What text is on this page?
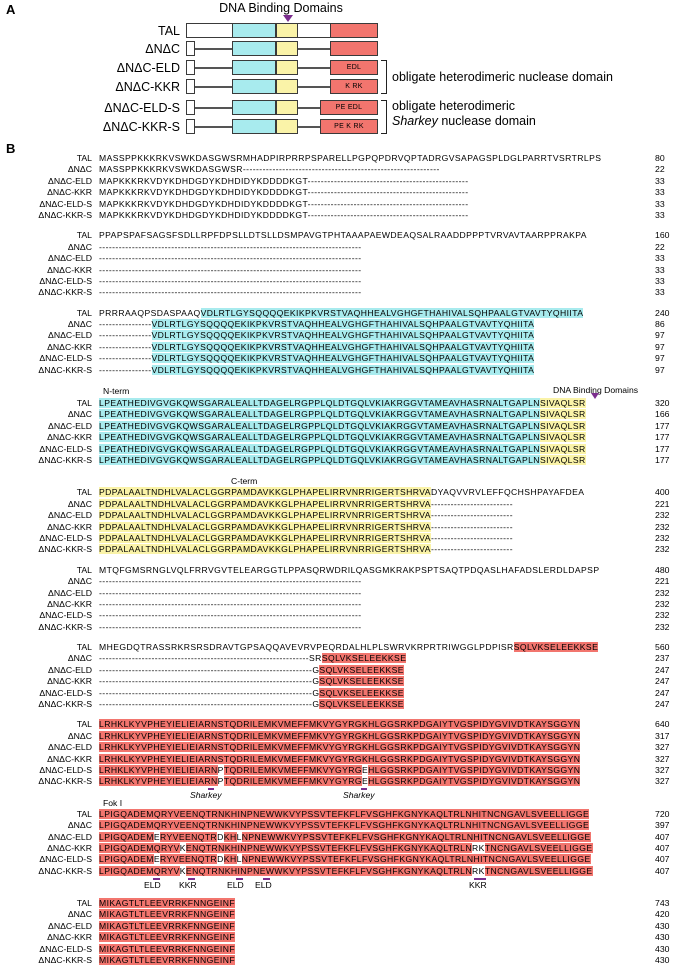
A	DNA Binding Domains
TAL
ΔNΔC
ΔNΔC-ELD	EDL
ΔNΔC-KKR	K RK
ΔNΔC-ELD-S	PE EDL
ΔNΔC-KKR-S	PE K RK
obligate heterodimeric nuclease domain
obligate heterodimeric
Sharkey nuclease domain
B
TAL MASSPPKKKRKVSWKDASGWSRMHADPIRPRRPSPARELLPGPQPDRVQPTADRGVSAPAGSPLDGLPARRTVSRTRLPS	80
ΔNΔC MASSPPKKKRKVSWKDASGWSR------------------------------------------------------------	22
ΔNΔC-ELD MAPKKKRKVDYKDHDGDYKDHDIDYKDDDDKGT-------------------------------------------------	33
ΔNΔC-KKR MAPKKKRKVDYKDHDGDYKDHDIDYKDDDDKGT-------------------------------------------------	33
ΔNΔC-ELD-S MAPKKKRKVDYKDHDGDYKDHDIDYKDDDDKGT-------------------------------------------------	33
ΔNΔC-KKR-S MAPKKKRKVDYKDHDGDYKDHDIDYKDDDDKGT-------------------------------------------------	33
TAL PPAPSPAFSAGSFSDLLRPFDPSLLDTSLLDSMPAVGTPHTAAAPAEWDEAQSALRAADDPPPTVRVAVTAARPPRAKPA	160
ΔNΔC --------------------------------------------------------------------------------	22
ΔNΔC-ELD --------------------------------------------------------------------------------	33
ΔNΔC-KKR --------------------------------------------------------------------------------	33
ΔNΔC-ELD-S --------------------------------------------------------------------------------	33
ΔNΔC-KKR-S --------------------------------------------------------------------------------	33
TAL PRRRAAQPSDASPAAQVDLRTLGYSQQQQEKIKPKVRSTVAQHHEALVGHGFTHAHIVALSQHPAALGTVAVTYQHIITA	240
ΔNΔC ----------------VDLRTLGYSQQQQEKIKPKVRSTVAQHHEALVGHGFTHAHIVALSQHPAALGTVAVTYQHIITA	86
ΔNΔC-ELD ----------------VDLRTLGYSQQQQEKIKPKVRSTVAQHHEALVGHGFTHAHIVALSQHPAALGTVAVTYQHIITA	97
ΔNΔC-KKR ----------------VDLRTLGYSQQQQEKIKPKVRSTVAQHHEALVGHGFTHAHIVALSQHPAALGTVAVTYQHIITA	97
ΔNΔC-ELD-S ----------------VDLRTLGYSQQQQEKIKPKVRSTVAQHHEALVGHGFTHAHIVALSQHPAALGTVAVTYQHIITA	97
ΔNΔC-KKR-S ----------------VDLRTLGYSQQQQEKIKPKVRSTVAQHHEALVGHGFTHAHIVALSQHPAALGTVAVTYQHIITA	97
TAL LPEATHEDIVGVGKQWSGARALEALLTDAGELRGPPLQLDTGQLVKIAKRGGVTAMEAVHASRNALTGAPLNSIVAQLSR	320
ΔNΔC LPEATHEDIVGVGKQWSGARALEALLTDAGELRGPPLQLDTGQLVKIAKRGGVTAMEAVHASRNALTGAPLNSIVAQLSR	166
ΔNΔC-ELD LPEATHEDIVGVGKQWSGARALEALLTDAGELRGPPLQLDTGQLVKIAKRGGVTAMEAVHASRNALTGAPLNSIVAQLSR	177
ΔNΔC-KKR LPEATHEDIVGVGKQWSGARALEALLTDAGELRGPPLQLDTGQLVKIAKRGGVTAMEAVHASRNALTGAPLNSIVAQLSR	177
ΔNΔC-ELD-S LPEATHEDIVGVGKQWSGARALEALLTDAGELRGPPLQLDTGQLVKIAKRGGVTAMEAVHASRNALTGAPLNSIVAQLSR	177
ΔNΔC-KKR-S LPEATHEDIVGVGKQWSGARALEALLTDAGELRGPPLQLDTGQLVKIAKRGGVTAMEAVHASRNALTGAPLNSIVAQLSR	177
N-term	DNA Binding Domains
TAL PDPALAALTNDHLVALACLGGRPAMDAVKKGLPHAPELIRRVNRRIGERTSHRVADYAQVVRVLEFFQCHSHPAYAFDEA	400
ΔNΔC PDPALAALTNDHLVALACLGGRPAMDAVKKGLPHAPELIRRVNRRIGERTSHRVA-------------------------	221
ΔNΔC-ELD PDPALAALTNDHLVALACLGGRPAMDAVKKGLPHAPELIRRVNRRIGERTSHRVA-------------------------	232
ΔNΔC-KKR PDPALAALTNDHLVALACLGGRPAMDAVKKGLPHAPELIRRVNRRIGERTSHRVA-------------------------	232
ΔNΔC-ELD-S PDPALAALTNDHLVALACLGGRPAMDAVKKGLPHAPELIRRVNRRIGERTSHRVA-------------------------	232
ΔNΔC-KKR-S PDPALAALTNDHLVALACLGGRPAMDAVKKGLPHAPELIRRVNRRIGERTSHRVA-------------------------	232
C-term
TAL MTQFGMSRNGLVQLFRRVGVTELEARGGTLPPASQRWDRILQASGMKRAKPSPTSAQTPDQASLHAFADSLERDLDAPSP	480
ΔNΔC --------------------------------------------------------------------------------	221
ΔNΔC-ELD --------------------------------------------------------------------------------	232
ΔNΔC-KKR --------------------------------------------------------------------------------	232
ΔNΔC-ELD-S --------------------------------------------------------------------------------	232
ΔNΔC-KKR-S --------------------------------------------------------------------------------	232
TAL MHEGDQTRASSRKRSRSDRAVTGPSAQQAVEVRVPEQRDALHLPLSWRVKRPRTRIWGGLPDPISRSQLVKSELEEKKSE	560
ΔNΔC ----------------------------------------------------------------SRSQLVKSELEEKKSE	237
ΔNΔC-ELD -----------------------------------------------------------------GSQLVKSELEEKKSE	247
ΔNΔC-KKR -----------------------------------------------------------------GSQLVKSELEEKKSE	247
ΔNΔC-ELD-S -----------------------------------------------------------------GSQLVKSELEEKKSE	247
ΔNΔC-KKR-S -----------------------------------------------------------------GSQLVKSELEEKKSE	247
TAL LRHKLKYVPHEYIELIEIARNSTQDRILEMKVMEFFMKVYGYRGKHLGGSRKPDGAIYTVGSPIDYGVIVDTKAYSGGYN	640
ΔNΔC LRHKLKYVPHEYIELIEIARNSTQDRILEMKVMEFFMKVYGYRGKHLGGSRKPDGAIYTVGSPIDYGVIVDTKAYSGGYN	317
ΔNΔC-ELD LRHKLKYVPHEYIELIEIARNSTQDRILEMKVMEFFMKVYGYRGKHLGGSRKPDGAIYTVGSPIDYGVIVDTKAYSGGYN	327
ΔNΔC-KKR LRHKLKYVPHEYIELIEIARNSTQDRILEMKVMEFFMKVYGYRGKHLGGSRKPDGAIYTVGSPIDYGVIVDTKAYSGGYN	327
ΔNΔC-ELD-S LRHKLKYVPHEYIELIEIARNPTQDRILEMKVMEFFMKVYGYRGEHLGGSRKPDGAIYTVGSPIDYGVIVDTKAYSGGYN	327
ΔNΔC-KKR-S LRHKLKYVPHEYIELIEIARNPTQDRILEMKVMEFFMKVYGYRGEHLGGSRKPDGAIYTVGSPIDYGVIVDTKAYSGGYN	327
Sharkey	Sharkey
TAL LPIGQADEMQRYVEENQTRNKHINPNEWWKVYPSSVTEFKFLFVSGHFKGNYKAQLTRLNHITNCNGAVLSVEELLIGGE	720
ΔNΔC LPIGQADEMQRYVEENQTRNKHINPNEWWKVYPSSVTEFKFLFVSGHFKGNYKAQLTRLNHITNCNGAVLSVEELLIGGE	397
ΔNΔC-ELD LPIGQADEMERYVEENQTRDKHLNPNEWWKVYPSSVTEFKFLFVSGHFKGNYKAQLTRLNHITNCNGAVLSVEELLIGGE	407
ΔNΔC-KKR LPIGQADEMQRYVKENQTRNKHINPNEWWKVYPSSVTEFKFLFVSGHFKGNYKAQLTRLNRKTNCNGAVLSVEELLIGGE	407
ΔNΔC-ELD-S LPIGQADEMERYVEENQTRDKHLNPNEWWKVYPSSVTEFKFLFVSGHFKGNYKAQLTRLNHITNCNGAVLSVEELLIGGE	407
ΔNΔC-KKR-S LPIGQADEMQRYVKENQTRNKHINPNEWWKVYPSSVTEFKFLFVSGHFKGNYKAQLTRLNRKTNCNGAVLSVEELLIGGE	407
Fok I
ELD KKR	ELD ELD	KKR
TAL MIKAGTLTLEEVRRKFNNGEINF	743
ΔNΔC MIKAGTLTLEEVRRKFNNGEINF	420
ΔNΔC-ELD MIKAGTLTLEEVRRKFNNGEINF	430
ΔNΔC-KKR MIKAGTLTLEEVRRKFNNGEINF	430
ΔNΔC-ELD-S MIKAGTLTLEEVRRKFNNGEINF	430
ΔNΔC-KKR-S MIKAGTLTLEEVRRKFNNGEINF	430
